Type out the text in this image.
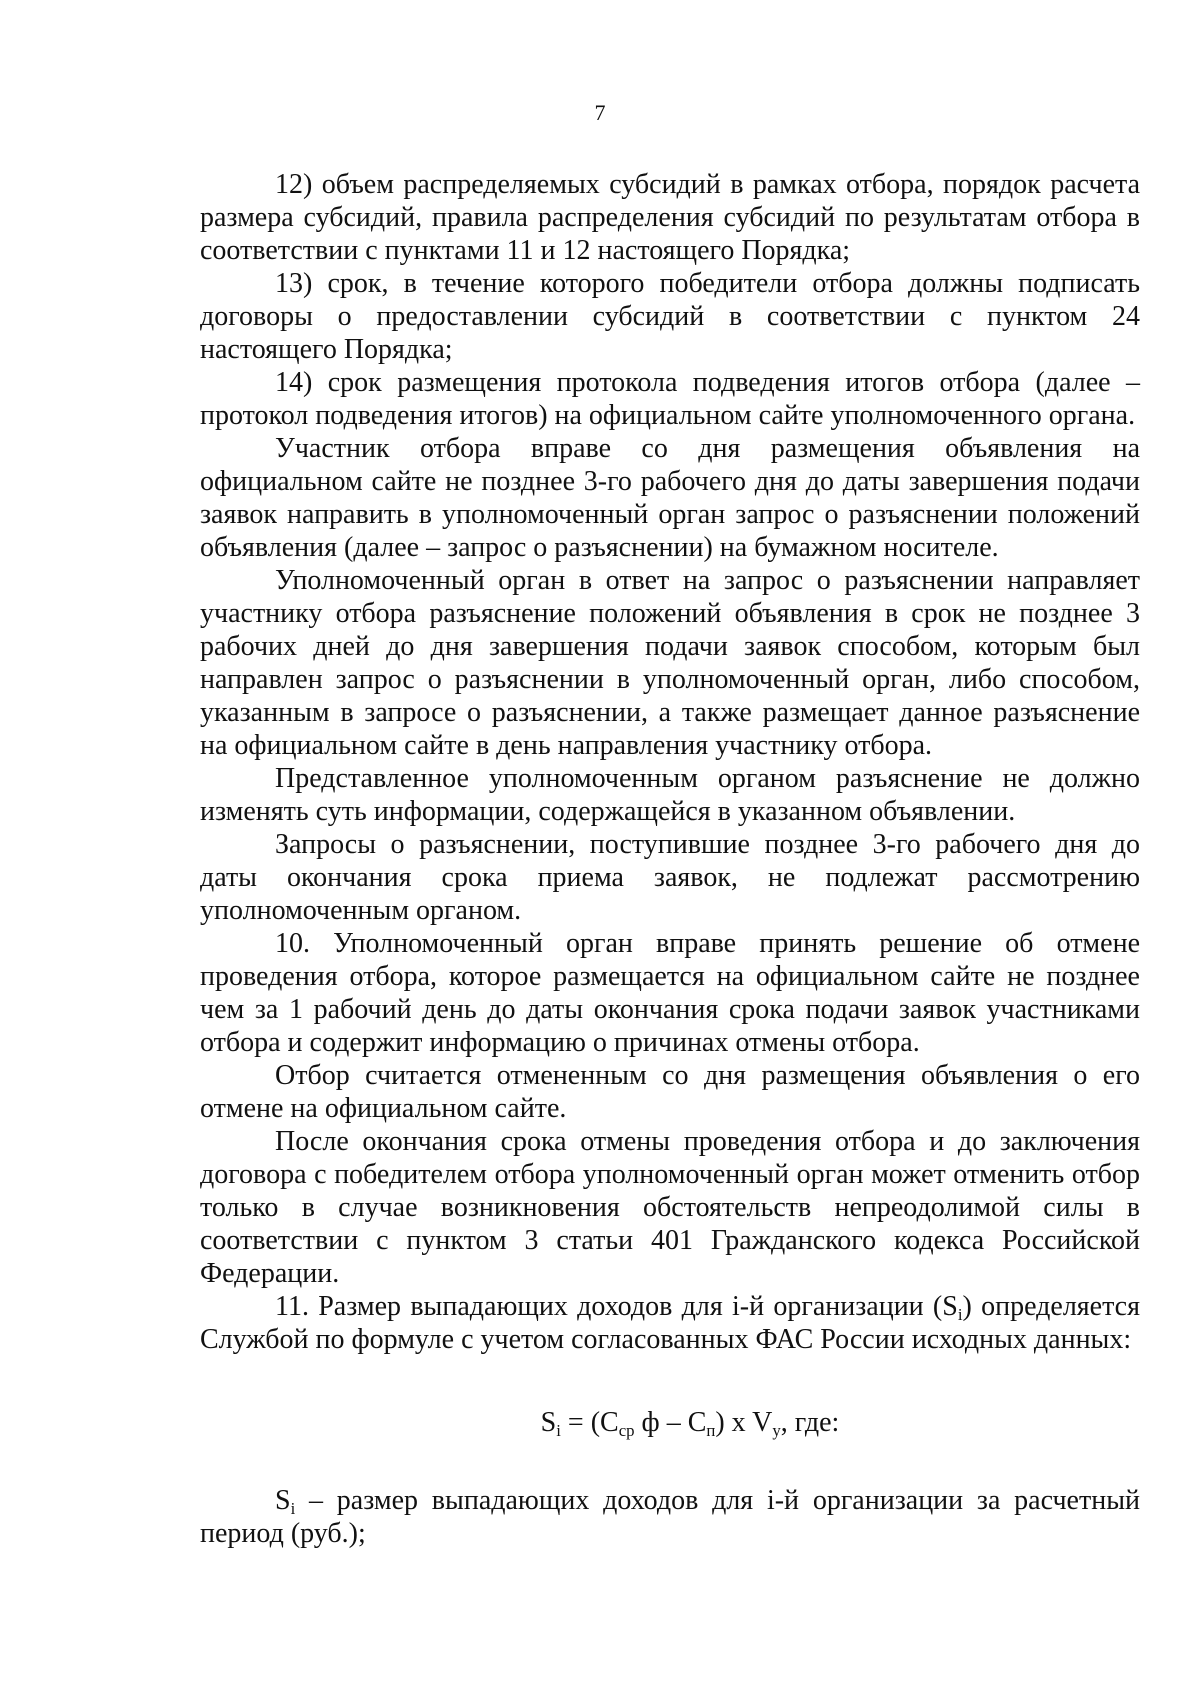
7

12) объем распределяемых субсидий в рамках отбора, порядок расчета размера субсидий, правила распределения субсидий по результатам отбора в соответствии с пунктами 11 и 12 настоящего Порядка;

13) срок, в течение которого победители отбора должны подписать договоры о предоставлении субсидий в соответствии с пунктом 24 настоящего Порядка;

14) срок размещения протокола подведения итогов отбора (далее – протокол подведения итогов) на официальном сайте уполномоченного органа.

Участник отбора вправе со дня размещения объявления на официальном сайте не позднее 3-го рабочего дня до даты завершения подачи заявок направить в уполномоченный орган запрос о разъяснении положений объявления (далее – запрос о разъяснении) на бумажном носителе.

Уполномоченный орган в ответ на запрос о разъяснении направляет участнику отбора разъяснение положений объявления в срок не позднее 3 рабочих дней до дня завершения подачи заявок способом, которым был направлен запрос о разъяснении в уполномоченный орган, либо способом, указанным в запросе о разъяснении, а также размещает данное разъяснение на официальном сайте в день направления участнику отбора.

Представленное уполномоченным органом разъяснение не должно изменять суть информации, содержащейся в указанном объявлении.

Запросы о разъяснении, поступившие позднее 3-го рабочего дня до даты окончания срока приема заявок, не подлежат рассмотрению уполномоченным органом.

10. Уполномоченный орган вправе принять решение об отмене проведения отбора, которое размещается на официальном сайте не позднее чем за 1 рабочий день до даты окончания срока подачи заявок участниками отбора и содержит информацию о причинах отмены отбора.

Отбор считается отмененным со дня размещения объявления о его отмене на официальном сайте.

После окончания срока отмены проведения отбора и до заключения договора с победителем отбора уполномоченный орган может отменить отбор только в случае возникновения обстоятельств непреодолимой силы в соответствии с пунктом 3 статьи 401 Гражданского кодекса Российской Федерации.

11. Размер выпадающих доходов для i-й организации $(S_i)$ определяется Службой по формуле с учетом согласованных ФАС России исходных данных:

$S_i = (C_{ср}$ ф – $C_п$) x $V_у$, где:

$S_i$ – размер выпадающих доходов для i-й организации за расчетный период (руб.);
